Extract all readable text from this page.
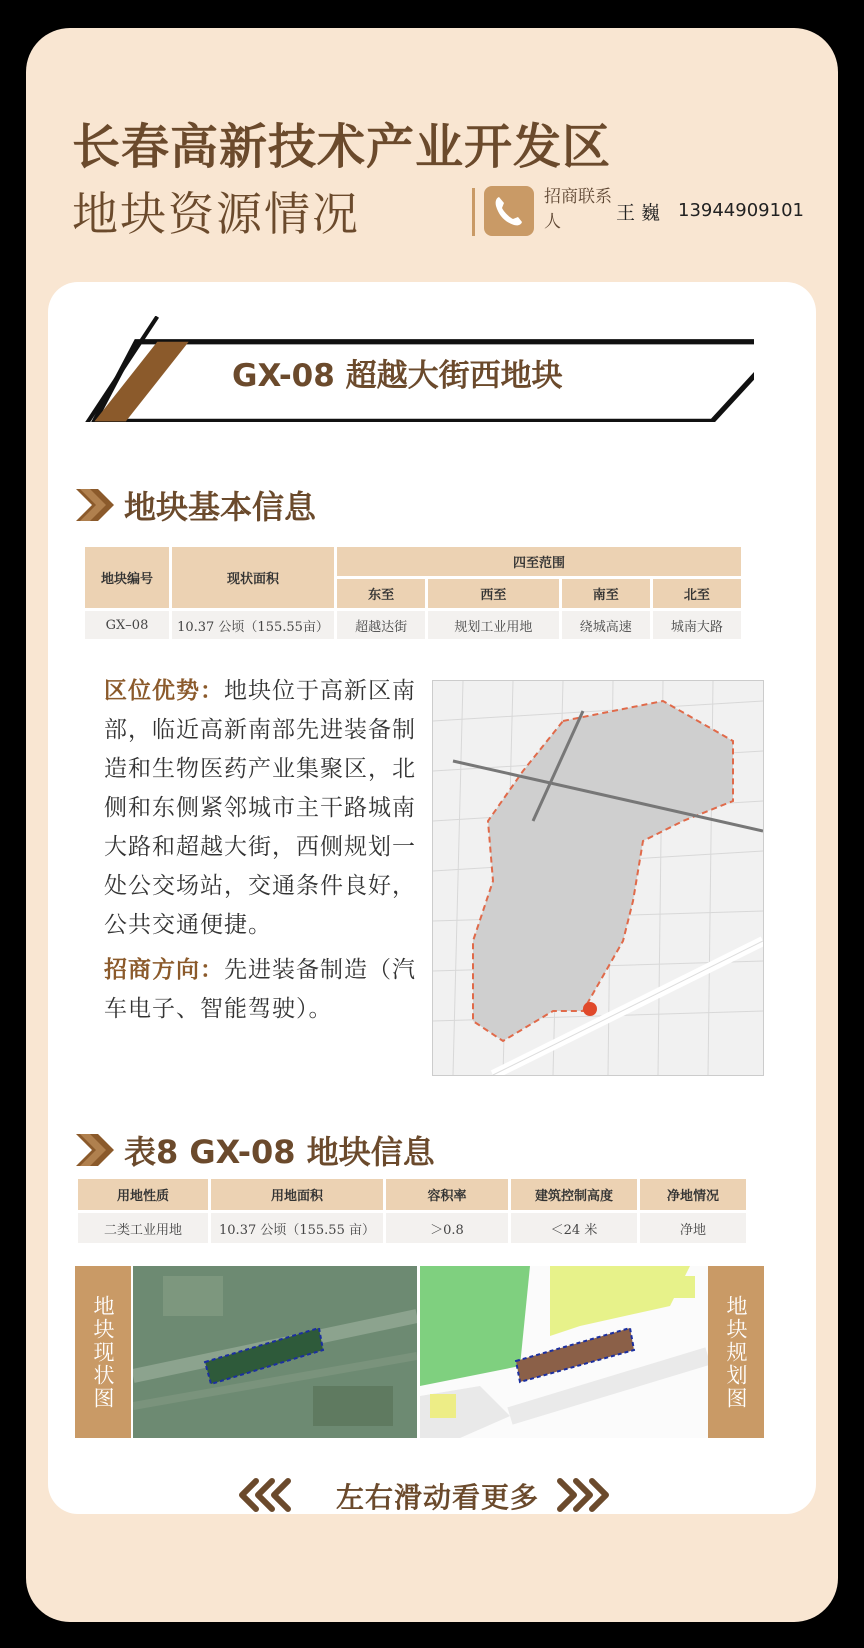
长春高新技术产业开发区
地块资源情况	招商联系人	王 巍 13944909101
GX-08 超越大街西地块
地块基本信息
地块编号	现状面积	四至范围			
		东至	西至	南至	北至
GX–08	10.37 公顷（155.55亩）	超越达街	规划工业用地	绕城高速	城南大路

区位优势：地块位于高新区南部，临近高新南部先进装备制造和生物医药产业集聚区，北侧和东侧紧邻城市主干路城南大路和超越大街，西侧规划一处公交场站，交通条件良好，公共交通便捷。

招商方向：先进装备制造（汽车电子、智能驾驶）。

表8 GX-08 地块信息
用地性质	用地面积	容积率	建筑控制高度	净地情况
二类工业用地	10.37 公顷（155.55 亩）	＞0.8	＜24 米	净地
地块现状图	地块规划图
左右滑动看更多
